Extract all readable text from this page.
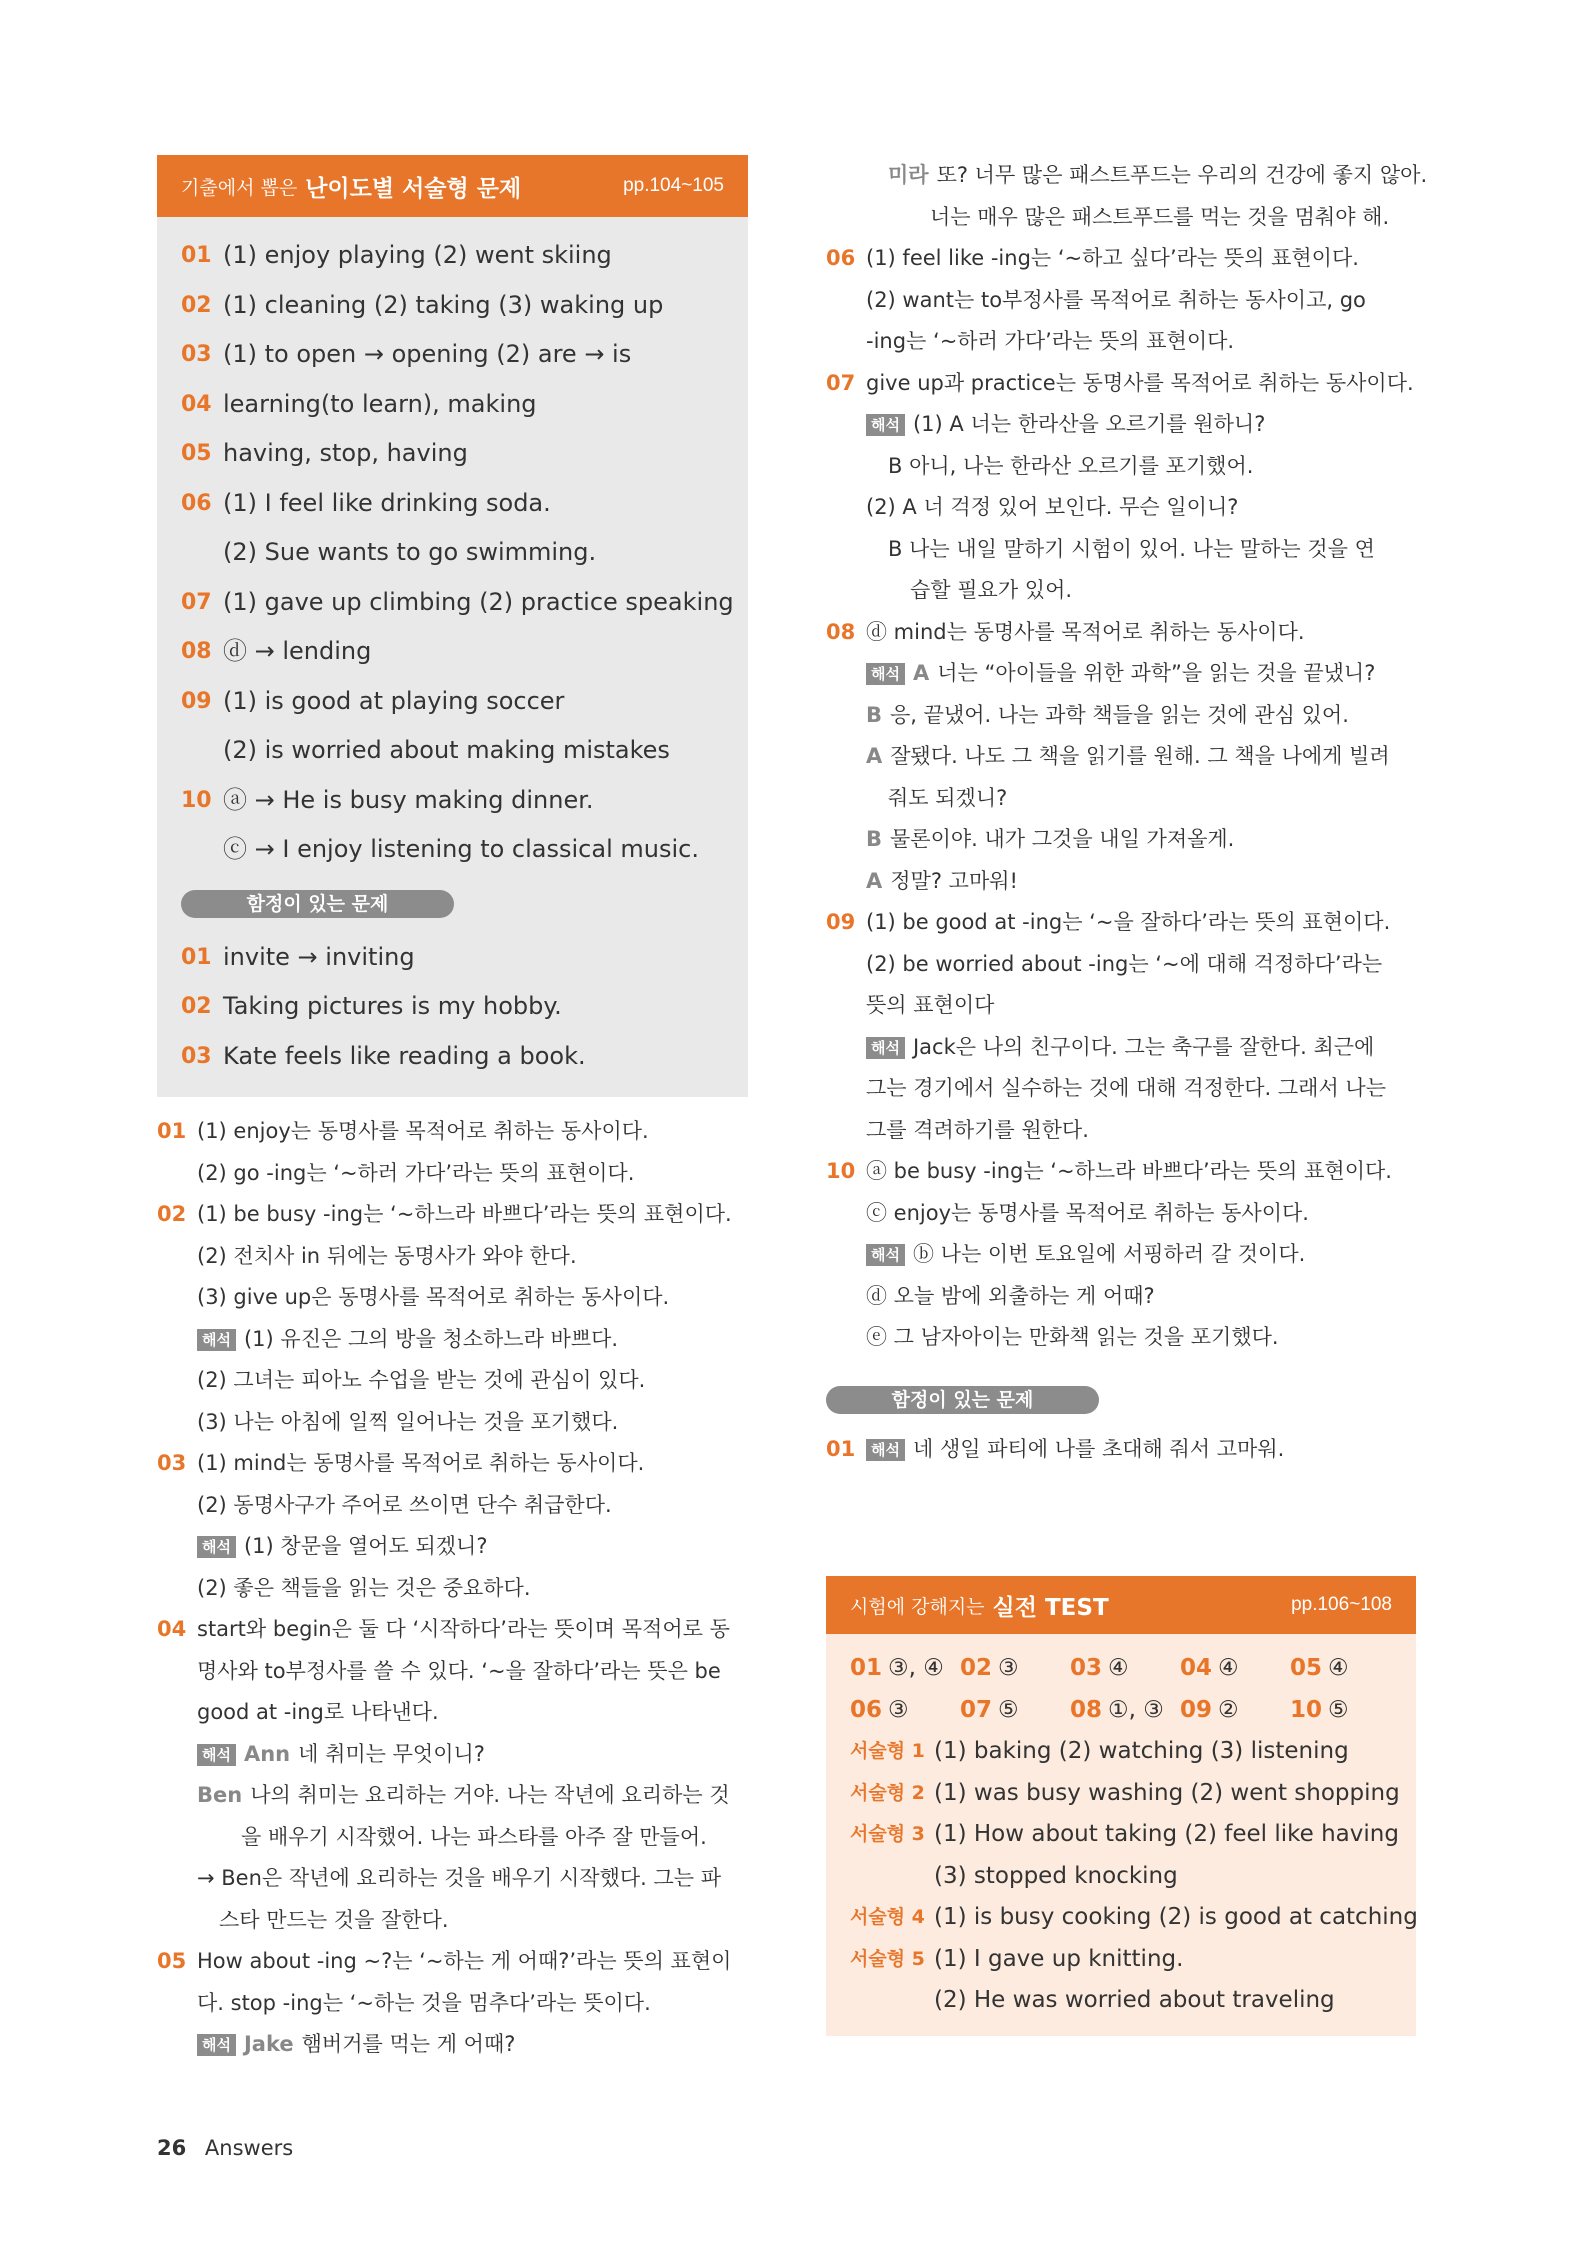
기출 에서 뽑은 난이도별 서술형 문제	pp.104~105
01 (1) enjoy playing (2) went skiing
02 (1) cleaning (2) taking (3) waking up
03 (1) to open → opening (2) are → is
04 learning(to learn), making
05 having, stop, having
06 (1) I feel like drinking soda.
(2) Sue wants to go swimming.
07 (1) gave up climbing (2) practice speaking
08 ⓓ → lending
09 (1) is good at playing soccer
(2) is worried about making mistakes
10 ⓐ → He is busy making dinner.
ⓒ → I enjoy listening to classical music.
함정이 있는 문제
01 invite → inviting
02 Taking pictures is my hobby.
03 Kate feels like reading a book.
01 (1) enjoy는 동명사를 목적어로 취하는 동사이다.
(2) go -ing는 ‘~하러 가다’라는 뜻의 표현이다.
02 (1) be busy -ing는 ‘~하느라 바쁘다’라는 뜻의 표현이다.
(2) 전치사 in 뒤에는 동명사가 와야 한다.
(3) give up은 동명사를 목적어로 취하는 동사이다.
해석 (1) 유진은 그의 방을 청소하느라 바쁘다.
(2) 그녀는 피아노 수업을 받는 것에 관심이 있다.
(3) 나는 아침에 일찍 일어나는 것을 포기했다.
03 (1) mind는 동명사를 목적어로 취하는 동사이다.
(2) 동명사구가 주어로 쓰이면 단수 취급한다.
해석 (1) 창문을 열어도 되겠니?
(2) 좋은 책들을 읽는 것은 중요하다.
04 start와 begin은 둘 다 ‘시작하다’라는 뜻이며 목적어로 동
명사와 to부정사를 쓸 수 있다. ‘~을 잘하다’라는 뜻은 be
good at -ing로 나타낸다.
해석 Ann 네 취미는 무엇이니?
Ben 나의 취미는 요리하는 거야. 나는 작년에 요리하는 것
을 배우기 시작했어. 나는 파스타를 아주 잘 만들어.
→ Ben은 작년에 요리하는 것을 배우기 시작했다. 그는 파
스타 만드는 것을 잘한다.
05 How about -ing ~?는 ‘~하는 게 어때?’라는 뜻의 표현이
다. stop -ing는 ‘~하는 것을 멈추다’라는 뜻이다.
해석 Jake 햄버거를 먹는 게 어때?
미라 또? 너무 많은 패스트푸드는 우리의 건강에 좋지 않아.
너는 매우 많은 패스트푸드를 먹는 것을 멈춰야 해.
06 (1) feel like -ing는 ‘~하고 싶다’라는 뜻의 표현이다.
(2) want는 to부정사를 목적어로 취하는 동사이고, go
-ing는 ‘~하러 가다’라는 뜻의 표현이다.
07 give up과 practice는 동명사를 목적어로 취하는 동사이다.
해석 (1) A 너는 한라산을 오르기를 원하니?
B 아니, 나는 한라산 오르기를 포기했어.
(2) A 너 걱정 있어 보인다. 무슨 일이니?
B 나는 내일 말하기 시험이 있어. 나는 말하는 것을 연
습할 필요가 있어.
08 ⓓ mind는 동명사를 목적어로 취하는 동사이다.
해석 A 너는 “아이들을 위한 과학”을 읽는 것을 끝냈니?
B 응, 끝냈어. 나는 과학 책들을 읽는 것에 관심 있어.
A 잘됐다. 나도 그 책을 읽기를 원해. 그 책을 나에게 빌려
줘도 되겠니?
B 물론이야. 내가 그것을 내일 가져올게.
A 정말? 고마워!
09 (1) be good at -ing는 ‘~을 잘하다’라는 뜻의 표현이다.
(2) be worried about -ing는 ‘~에 대해 걱정하다’라는
뜻의 표현이다
해석 Jack은 나의 친구이다. 그는 축구를 잘한다. 최근에
그는 경기에서 실수하는 것에 대해 걱정한다. 그래서 나는
그를 격려하기를 원한다.
10 ⓐ be busy -ing는 ‘~하느라 바쁘다’라는 뜻의 표현이다.
ⓒ enjoy는 동명사를 목적어로 취하는 동사이다.
해석 ⓑ 나는 이번 토요일에 서핑하러 갈 것이다.
ⓓ 오늘 밤에 외출하는 게 어때?
ⓔ 그 남자아이는 만화책 읽는 것을 포기했다.
함정이 있는 문제
01	해석 네 생일 파티에 나를 초대해 줘서 고마워.
시험 에 강해지는 실전 TEST	pp.106~108
01 ③, ④ 02 ③ 03 ④ 04 ④ 05 ④
06 ③ 07 ⑤ 08 ①, ③ 09 ② 10 ⑤
서술형 1 (1) baking (2) watching (3) listening
서술형 2 (1) was busy washing (2) went shopping
서술형 3 (1) How about taking (2) feel like having
(3) stopped knocking
서술형 4 (1) is busy cooking (2) is good at catching
서술형 5 (1) I gave up knitting.
(2) He was worried about traveling
26 Answers
